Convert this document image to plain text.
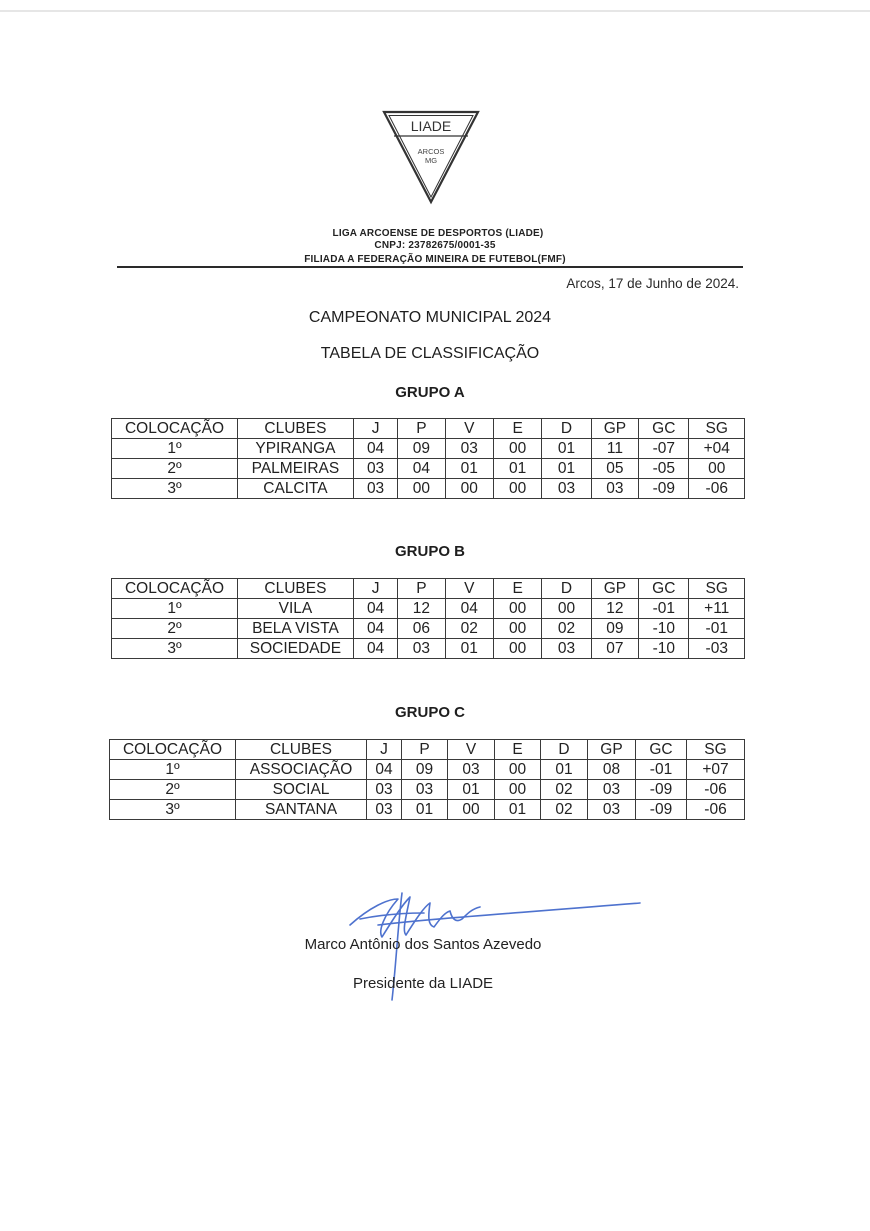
LIADE
ARCOS
MG
LIGA ARCOENSE DE DESPORTOS (LIADE)
CNPJ: 23782675/0001-35
FILIADA A FEDERAÇÃO MINEIRA DE FUTEBOL(FMF)
Arcos, 17 de Junho de 2024.
CAMPEONATO MUNICIPAL 2024
TABELA DE CLASSIFICAÇÃO
GRUPO A
COLOCAÇÃO	CLUBES	J	P	V	E	D	GP	GC	SG
1º	YPIRANGA	04	09	03	00	01	11	-07	+04
2º	PALMEIRAS	03	04	01	01	01	05	-05	00
3º	CALCITA	03	00	00	00	03	03	-09	-06
GRUPO B
COLOCAÇÃO	CLUBES	J	P	V	E	D	GP	GC	SG
1º	VILA	04	12	04	00	00	12	-01	+11
2º	BELA VISTA	04	06	02	00	02	09	-10	-01
3º	SOCIEDADE	04	03	01	00	03	07	-10	-03
GRUPO C
COLOCAÇÃO	CLUBES	J	P	V	E	D	GP	GC	SG
1º	ASSOCIAÇÃO	04	09	03	00	01	08	-01	+07
2º	SOCIAL	03	03	01	00	02	03	-09	-06
3º	SANTANA	03	01	00	01	02	03	-09	-06
Marco Antônio dos Santos Azevedo
Presidente da LIADE
